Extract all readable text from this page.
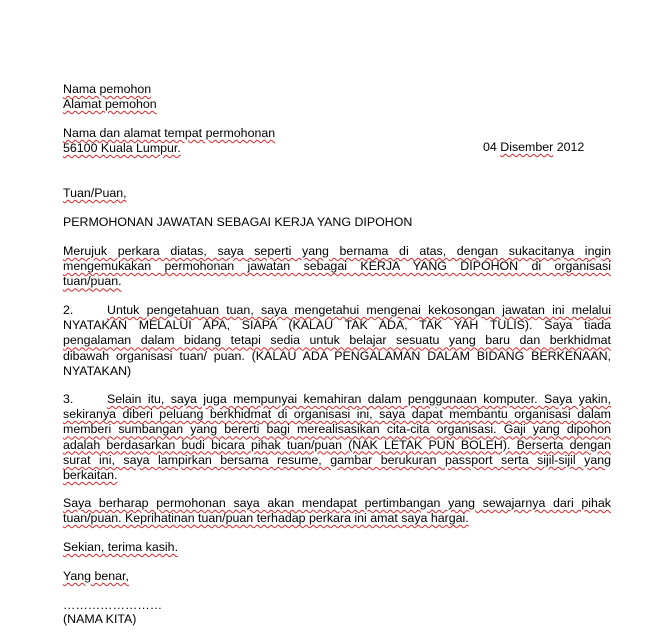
Nama pemohon
Alamat pemohon
Nama dan alamat tempat permohonan
56100 Kuala Lumpur.	04 Disember 2012
Tuan/Puan,
PERMOHONAN JAWATAN SEBAGAI KERJA YANG DIPOHON
Merujuk perkara diatas, saya seperti yang bernama di atas, dengan sukacitanya ingin
mengemukakan permohonan jawatan sebagai KERJA YANG DIPOHON di organisasi
tuan/puan.
2.	Untuk pengetahuan tuan, saya mengetahui mengenai kekosongan jawatan ini melalui
NYATAKAN MELALUI APA, SIAPA (KALAU TAK ADA, TAK YAH TULIS). Saya tiada
pengalaman dalam bidang tetapi sedia untuk belajar sesuatu yang baru dan berkhidmat
dibawah organisasi tuan/ puan. (KALAU ADA PENGALAMAN DALAM BIDANG BERKENAAN,
NYATAKAN)
3.	Selain itu, saya juga mempunyai kemahiran dalam penggunaan komputer. Saya yakin,
sekiranya diberi peluang berkhidmat di organisasi ini, saya dapat membantu organisasi dalam
memberi sumbangan yang bererti bagi merealisasikan cita-cita organisasi. Gaji yang dipohon
adalah berdasarkan budi bicara pihak tuan/puan (NAK LETAK PUN BOLEH). Berserta dengan
surat ini, saya lampirkan bersama resume, gambar berukuran passport serta sijil-sijil yang
berkaitan.
Saya berharap permohonan saya akan mendapat pertimbangan yang sewajarnya dari pihak
tuan/puan. Keprihatinan tuan/puan terhadap perkara ini amat saya hargai.
Sekian, terima kasih.
Yang benar,
……………………
(NAMA KITA)
